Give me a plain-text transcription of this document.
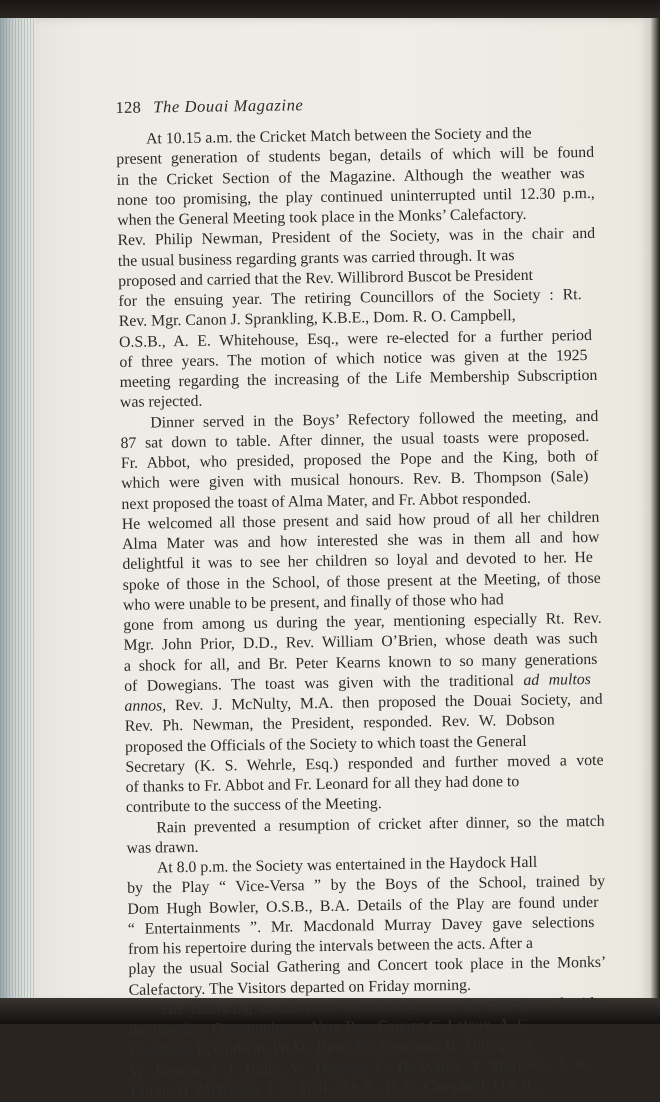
128 The Douai Magazine
At 10.15 a.m. the Cricket Match between the Society and the
present generation of students began, details of which will be found
in the Cricket Section of the Magazine. Although the weather was
none too promising, the play continued uninterrupted until 12.30 p.m.,
when the General Meeting took place in the Monks’ Calefactory.
Rev. Philip Newman, President of the Society, was in the chair and
the usual business regarding grants was carried through. It was
proposed and carried that the Rev. Willibrord Buscot be President
for the ensuing year. The retiring Councillors of the Society : Rt.
Rev. Mgr. Canon J. Sprankling, K.B.E., Dom. R. O. Campbell,
O.S.B., A. E. Whitehouse, Esq., were re-elected for a further period
of three years. The motion of which notice was given at the 1925
meeting regarding the increasing of the Life Membership Subscription
was rejected.
Dinner served in the Boys’ Refectory followed the meeting, and
87 sat down to table. After dinner, the usual toasts were proposed.
Fr. Abbot, who presided, proposed the Pope and the King, both of
which were given with musical honours. Rev. B. Thompson (Sale)
next proposed the toast of Alma Mater, and Fr. Abbot responded.
He welcomed all those present and said how proud of all her children
Alma Mater was and how interested she was in them all and how
delightful it was to see her children so loyal and devoted to her. He
spoke of those in the School, of those present at the Meeting, of those
who were unable to be present, and finally of those who had
gone from among us during the year, mentioning especially Rt. Rev.
Mgr. John Prior, D.D., Rev. William O’Brien, whose death was such
a shock for all, and Br. Peter Kearns known to so many generations
of Dowegians. The toast was given with the traditional ad multos
annos, Rev. J. McNulty, M.A. then proposed the Douai Society, and
Rev. Ph. Newman, the President, responded. Rev. W. Dobson
proposed the Officials of the Society to which toast the General
Secretary (K. S. Wehrle, Esq.) responded and further moved a vote
of thanks to Fr. Abbot and Fr. Leonard for all they had done to
contribute to the success of the Meeting.
Rain prevented a resumption of cricket after dinner, so the match
was drawn.
At 8.0 p.m. the Society was entertained in the Haydock Hall
by the Play “ Vice-Versa ” by the Boys of the School, trained by
Dom Hugh Bowler, O.S.B., B.A. Details of the Play are found under
“ Entertainments ”. Mr. Macdonald Murray Davey gave selections
from his repertoire during the intervals between the acts. After a
play the usual Social Gathering and Concert took place in the Monks’
Calefactory. The Visitors departed on Friday morning.
The following members of the Society were in attendance besides
the Resident Community :—Very Rev. Canons C. Leteux, A. C.
Coughlin, E. Godwin, Ph.D., Revs. Ph. Newman, B. Thompson,
W. Buscot, J. J. Hally, W. Dobson, C. H. Walsh, T. Morrisey, J. A.
Doran, H. McKenna, J. O. Hall, O.S.B., R. O. Campbell, O.S.B.,
